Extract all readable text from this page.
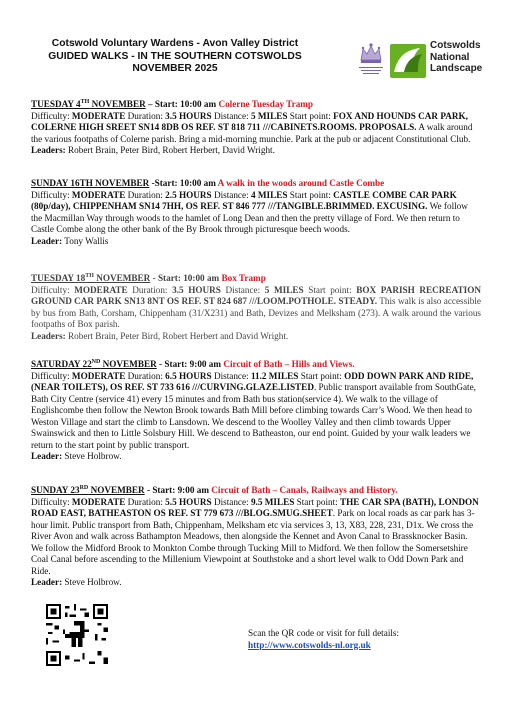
Cotswold Voluntary Wardens - Avon Valley District
GUIDED WALKS - IN THE SOUTHERN COTSWOLDS
NOVEMBER 2025
Cotswolds
National
Landscape

TUESDAY 4TH NOVEMBER – Start: 10:00 am Colerne Tuesday Tramp

Difficulty: MODERATE Duration: 3.5 HOURS Distance: 5 MILES Start point: FOX AND HOUNDS CAR PARK, COLERNE HIGH SREET SN14 8DB OS REF. ST 818 711 ///CABINETS.ROOMS. PROPOSALS. A walk around the various footpaths of Colerne parish. Bring a mid-morning munchie. Park at the pub or adjacent Constitutional Club.

Leaders: Robert Brain, Peter Bird, Robert Herbert, David Wright.

SUNDAY 16TH NOVEMBER -Start: 10:00 am A walk in the woods around Castle Combe

Difficulty: MODERATE Duration: 2.5 HOURS Distance: 4 MILES Start point: CASTLE COMBE CAR PARK (80p/day), CHIPPENHAM SN14 7HH, OS REF. ST 846 777 ///TANGIBLE.BRIMMED. EXCUSING. We follow the Macmillan Way through woods to the hamlet of Long Dean and then the pretty village of Ford. We then return to Castle Combe along the other bank of the By Brook through picturesque beech woods.

Leader: Tony Wallis

TUESDAY 18TH NOVEMBER - Start: 10:00 am Box Tramp

Difficulty: MODERATE Duration: 3.5 HOURS Distance: 5 MILES Start point: BOX PARISH RECREATION GROUND CAR PARK SN13 8NT OS REF. ST 824 687 ///LOOM.POTHOLE. STEADY. This walk is also accessible by bus from Bath, Corsham, Chippenham (31/X231) and Bath, Devizes and Melksham (273). A walk around the various footpaths of Box parish.

Leaders: Robert Brain, Peter Bird, Robert Herbert and David Wright.

SATURDAY 22ND NOVEMBER - Start: 9:00 am Circuit of Bath – Hills and Views.

Difficulty: MODERATE Duration: 6.5 HOURS Distance: 11.2 MILES Start point: ODD DOWN PARK AND RIDE, (NEAR TOILETS), OS REF. ST 733 616 ///CURVING.GLAZE.LISTED. Public transport available from SouthGate, Bath City Centre (service 41) every 15 minutes and from Bath bus station(service 4). We walk to the village of Englishcombe then follow the Newton Brook towards Bath Mill before climbing towards Carr’s Wood. We then head to Weston Village and start the climb to Lansdown. We descend to the Woolley Valley and then climb towards Upper Swainswick and then to Little Solsbury Hill. We descend to Batheaston, our end point. Guided by your walk leaders we return to the start point by public transport.

Leader: Steve Holbrow.

SUNDAY 23RD NOVEMBER - Start: 9:00 am Circuit of Bath – Canals, Railways and History.

Difficulty: MODERATE Duration: 5.5 HOURS Distance: 9.5 MILES Start point: THE CAR SPA (BATH), LONDON ROAD EAST, BATHEASTON OS REF. ST 779 673 ///BLOG.SMUG.SHEET. Park on local roads as car park has 3-hour limit. Public transport from Bath, Chippenham, Melksham etc via services 3, 13, X83, 228, 231, D1x. We cross the River Avon and walk across Bathampton Meadows, then alongside the Kennet and Avon Canal to Brassknocker Basin. We follow the Midford Brook to Monkton Combe through Tucking Mill to Midford. We then follow the Somersetshire Coal Canal before ascending to the Millenium Viewpoint at Southstoke and a short level walk to Odd Down Park and Ride.

Leader: Steve Holbrow.

Scan the QR code or visit for full details:
http://www.cotswolds-nl.org.uk
